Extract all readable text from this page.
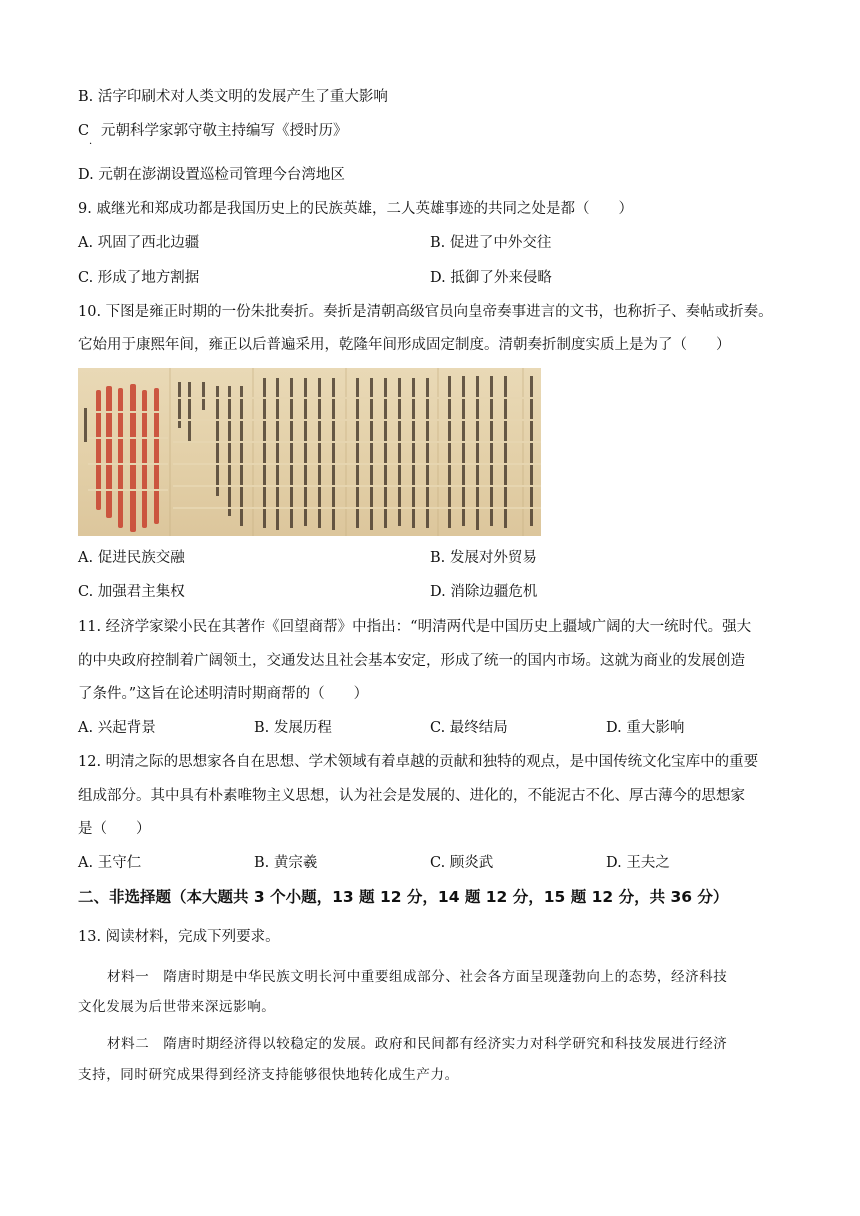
B. 活字印刷术对人类文明的发展产生了重大影响
C 元朝科学家郭守敬主持编写《授时历》
·
D. 元朝在澎湖设置巡检司管理今台湾地区
9. 戚继光和郑成功都是我国历史上的民族英雄，二人英雄事迹的共同之处是都（　　）
A. 巩固了西北边疆	B. 促进了中外交往
C. 形成了地方割据	D. 抵御了外来侵略
10. 下图是雍正时期的一份朱批奏折。奏折是清朝高级官员向皇帝奏事进言的文书，也称折子、奏帖或折奏。
它始用于康熙年间，雍正以后普遍采用，乾隆年间形成固定制度。清朝奏折制度实质上是为了（　　）
A. 促进民族交融	B. 发展对外贸易
C. 加强君主集权	D. 消除边疆危机
11. 经济学家梁小民在其著作《回望商帮》中指出：“明清两代是中国历史上疆域广阔的大一统时代。强大
的中央政府控制着广阔领土，交通发达且社会基本安定，形成了统一的国内市场。这就为商业的发展创造
了条件。”这旨在论述明清时期商帮的（　　）
A. 兴起背景	B. 发展历程	C. 最终结局	D. 重大影响
12. 明清之际的思想家各自在思想、学术领域有着卓越的贡献和独特的观点，是中国传统文化宝库中的重要
组成部分。其中具有朴素唯物主义思想，认为社会是发展的、进化的，不能泥古不化、厚古薄今的思想家
是（　　）
A. 王守仁	B. 黄宗羲	C. 顾炎武	D. 王夫之
二、非选择题（本大题共 3 个小题，13 题 12 分，14 题 12 分，15 题 12 分，共 36 分）
13. 阅读材料，完成下列要求。
材料一　隋唐时期是中华民族文明长河中重要组成部分、社会各方面呈现蓬勃向上的态势，经济科技
文化发展为后世带来深远影响。
材料二　隋唐时期经济得以较稳定的发展。政府和民间都有经济实力对科学研究和科技发展进行经济
支持，同时研究成果得到经济支持能够很快地转化成生产力。
